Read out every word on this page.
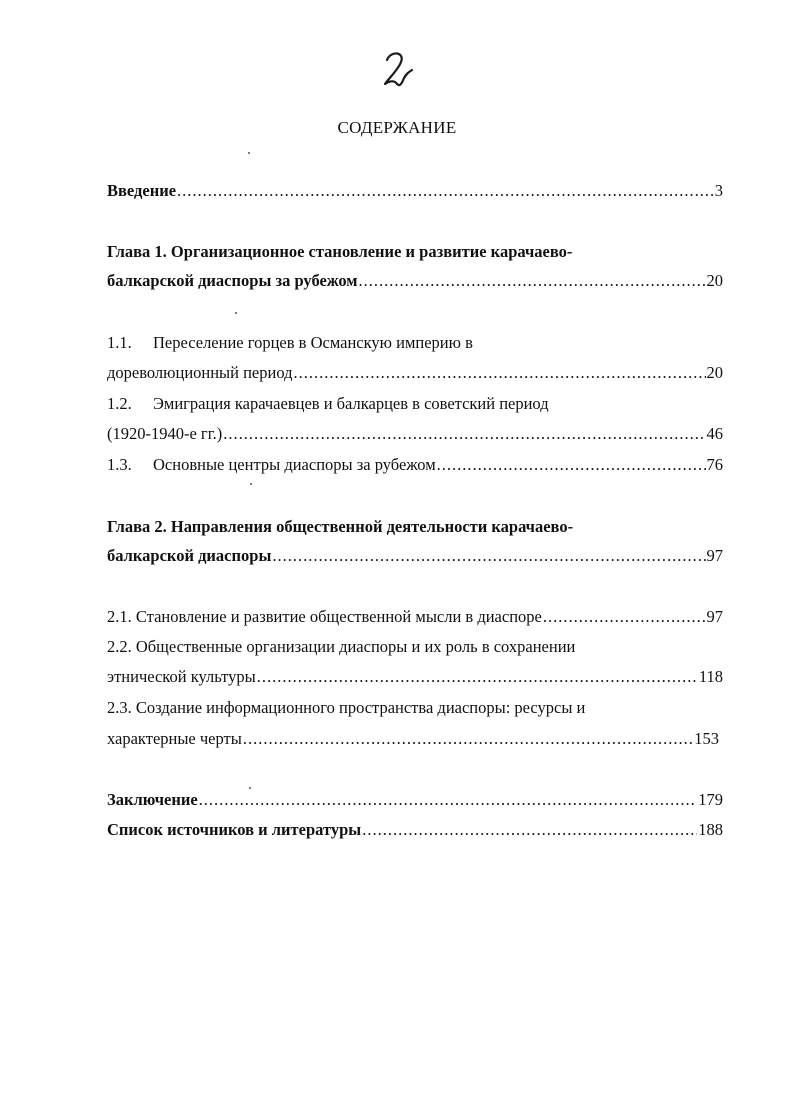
СОДЕРЖАНИЕ
Введение .....	3
Глава 1. Организационное становление и развитие карачаево-
балкарской диаспоры за рубежом .....	20
1.1. Переселение горцев в Османскую империю в
дореволюционный период .....	20
1.2. Эмиграция карачаевцев и балкарцев в советский период
(1920-1940-е гг.) .....	46
1.3. Основные центры диаспоры за рубежом .....	76
Глава 2. Направления общественной деятельности карачаево-
балкарской диаспоры .....	97
2.1. Становление и развитие общественной мысли в диаспоре .....	97
2.2. Общественные организации диаспоры и их роль в сохранении
этнической культуры .....	118
2.3. Создание информационного пространства диаспоры: ресурсы и
характерные черты .....	153
Заключение .....	179
Список источников и литературы .....	188
